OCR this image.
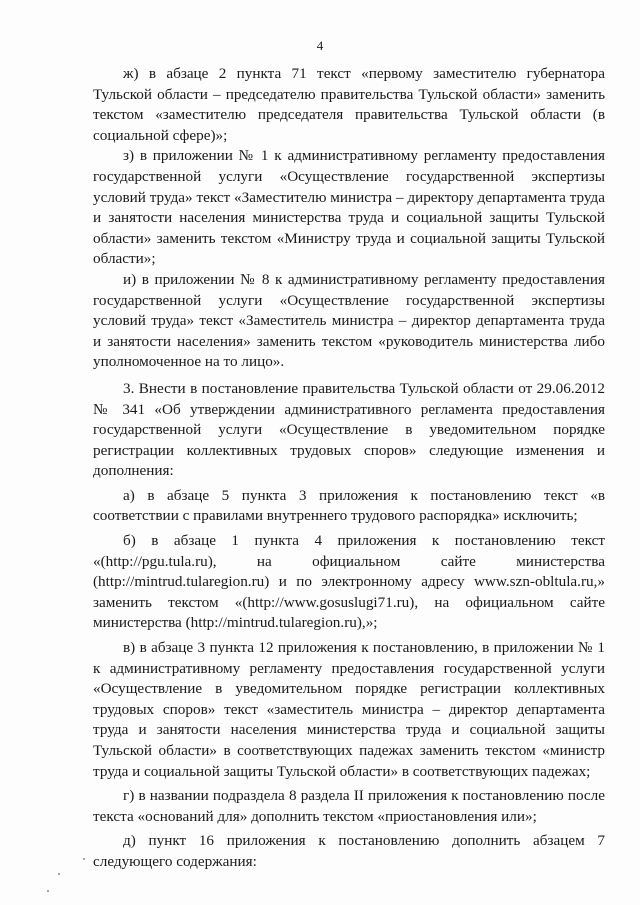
4

ж) в абзаце 2 пункта 71 текст «первому заместителю губернатора Тульской области – председателю правительства Тульской области» заменить текстом «заместителю председателя правительства Тульской области (в социальной сфере)»;

з) в приложении № 1 к административному регламенту предоставления государственной услуги «Осуществление государственной экспертизы условий труда» текст «Заместителю министра – директору департамента труда и занятости населения министерства труда и социальной защиты Тульской области» заменить текстом «Министру труда и социальной защиты Тульской области»;

и) в приложении № 8 к административному регламенту предоставления государственной услуги «Осуществление государственной экспертизы условий труда» текст «Заместитель министра – директор департамента труда и занятости населения» заменить текстом «руководитель министерства либо уполномоченное на то лицо».

3. Внести в постановление правительства Тульской области от 29.06.2012 № 341 «Об утверждении административного регламента предоставления государственной услуги «Осуществление в уведомительном порядке регистрации коллективных трудовых споров» следующие изменения и дополнения:

а) в абзаце 5 пункта 3 приложения к постановлению текст «в соответствии с правилами внутреннего трудового распорядка» исключить;

б) в абзаце 1 пункта 4 приложения к постановлению текст «(http://pgu.tula.ru), на официальном сайте министерства (http://mintrud.tularegion.ru) и по электронному адресу www.szn-obltula.ru,» заменить текстом «(http://www.gosuslugi71.ru), на официальном сайте министерства (http://mintrud.tularegion.ru),»;

в) в абзаце 3 пункта 12 приложения к постановлению, в приложении № 1 к административному регламенту предоставления государственной услуги «Осуществление в уведомительном порядке регистрации коллективных трудовых споров» текст «заместитель министра – директор департамента труда и занятости населения министерства труда и социальной защиты Тульской области» в соответствующих падежах заменить текстом «министр труда и социальной защиты Тульской области» в соответствующих падежах;

г) в названии подраздела 8 раздела II приложения к постановлению после текста «оснований для» дополнить текстом «приостановления или»;

д) пункт 16 приложения к постановлению дополнить абзацем 7 следующего содержания:
